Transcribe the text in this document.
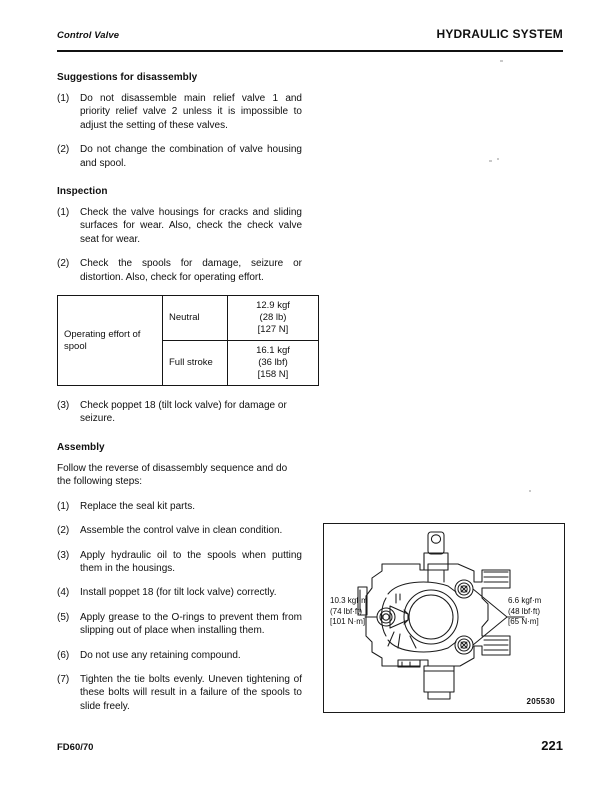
Control Valve	HYDRAULIC SYSTEM
Suggestions for disassembly
(1)	Do not disassemble main relief valve 1 and priority relief valve 2 unless it is impossible to adjust the setting of these valves.
(2)	Do not change the combination of valve housing and spool.
Inspection
(1)	Check the valve housings for cracks and sliding surfaces for wear. Also, check the check valve seat for wear.
(2)	Check the spools for damage, seizure or distortion. Also, check for operating effort.
Operating effort of spool	Neutral	12.9 kgf
(28 lb)
[127 N]

	Full stroke	16.1 kgf
(36 lbf)
[158 N]
(3)	Check poppet 18 (tilt lock valve) for damage or seizure.
Assembly
Follow the reverse of disassembly sequence and do the following steps:
(1)	Replace the seal kit parts.
(2)	Assemble the control valve in clean condition.
(3)	Apply hydraulic oil to the spools when putting them in the housings.
(4)	Install poppet 18 (for tilt lock valve) correctly.
(5)	Apply grease to the O-rings to prevent them from slipping out of place when installing them.
(6)	Do not use any retaining compound.
(7)	Tighten the tie bolts evenly. Uneven tightening of these bolts will result in a failure of the spools to slide freely.
10.3 kgf·m
(74 lbf·ft)
[101 N·m]
6.6 kgf·m
(48 lbf·ft)
[65 N·m]
205530
FD60/70	221
